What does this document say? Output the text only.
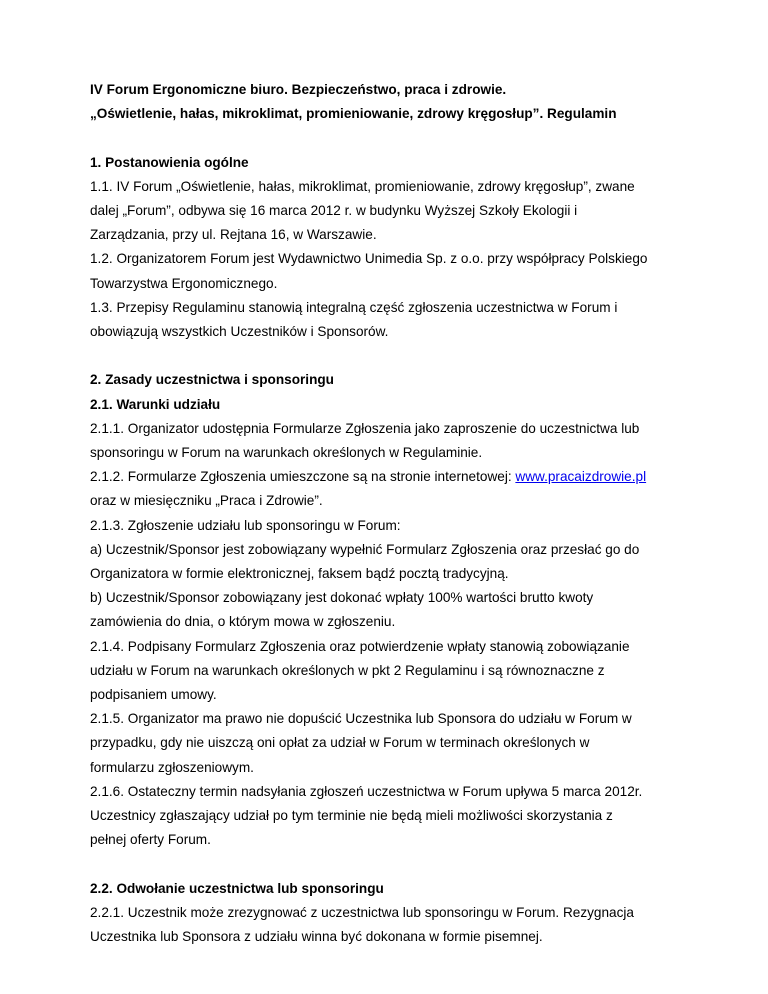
IV Forum Ergonomiczne biuro. Bezpieczeństwo, praca i zdrowie.

„Oświetlenie, hałas, mikroklimat, promieniowanie, zdrowy kręgosłup”. Regulamin

1. Postanowienia ogólne

1.1. IV Forum „Oświetlenie, hałas, mikroklimat, promieniowanie, zdrowy kręgosłup”, zwane

dalej „Forum”, odbywa się 16 marca 2012 r. w budynku Wyższej Szkoły Ekologii i

Zarządzania, przy ul. Rejtana 16, w Warszawie.

1.2. Organizatorem Forum jest Wydawnictwo Unimedia Sp. z o.o. przy współpracy Polskiego

Towarzystwa Ergonomicznego.

1.3. Przepisy Regulaminu stanowią integralną część zgłoszenia uczestnictwa w Forum i

obowiązują wszystkich Uczestników i Sponsorów.

2. Zasady uczestnictwa i sponsoringu

2.1. Warunki udziału

2.1.1. Organizator udostępnia Formularze Zgłoszenia jako zaproszenie do uczestnictwa lub

sponsoringu w Forum na warunkach określonych w Regulaminie.

2.1.2. Formularze Zgłoszenia umieszczone są na stronie internetowej: www.pracaizdrowie.pl

oraz w miesięczniku „Praca i Zdrowie”.

2.1.3. Zgłoszenie udziału lub sponsoringu w Forum:

a) Uczestnik/Sponsor jest zobowiązany wypełnić Formularz Zgłoszenia oraz przesłać go do

Organizatora w formie elektronicznej, faksem bądź pocztą tradycyjną.

b) Uczestnik/Sponsor zobowiązany jest dokonać wpłaty 100% wartości brutto kwoty

zamówienia do dnia, o którym mowa w zgłoszeniu.

2.1.4. Podpisany Formularz Zgłoszenia oraz potwierdzenie wpłaty stanowią zobowiązanie

udziału w Forum na warunkach określonych w pkt 2 Regulaminu i są równoznaczne z

podpisaniem umowy.

2.1.5. Organizator ma prawo nie dopuścić Uczestnika lub Sponsora do udziału w Forum w

przypadku, gdy nie uiszczą oni opłat za udział w Forum w terminach określonych w

formularzu zgłoszeniowym.

2.1.6. Ostateczny termin nadsyłania zgłoszeń uczestnictwa w Forum upływa 5 marca 2012r.

Uczestnicy zgłaszający udział po tym terminie nie będą mieli możliwości skorzystania z

pełnej oferty Forum.

2.2. Odwołanie uczestnictwa lub sponsoringu

2.2.1. Uczestnik może zrezygnować z uczestnictwa lub sponsoringu w Forum. Rezygnacja

Uczestnika lub Sponsora z udziału winna być dokonana w formie pisemnej.
